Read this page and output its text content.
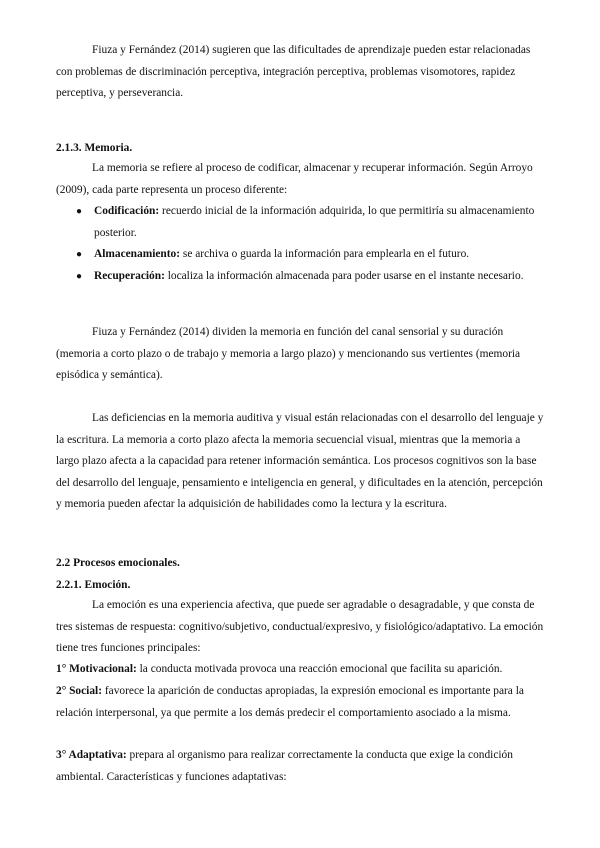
Fiuza y Fernández (2014) sugieren que las dificultades de aprendizaje pueden estar relacionadas con problemas de discriminación perceptiva, integración perceptiva, problemas visomotores, rapidez perceptiva, y perseverancia.

2.1.3. Memoria.

La memoria se refiere al proceso de codificar, almacenar y recuperar información. Según Arroyo (2009), cada parte representa un proceso diferente:

● Codificación: recuerdo inicial de la información adquirida, lo que permitiría su almacenamiento posterior.
● Almacenamiento: se archiva o guarda la información para emplearla en el futuro.
● Recuperación: localiza la información almacenada para poder usarse en el instante necesario.

Fiuza y Fernández (2014) dividen la memoria en función del canal sensorial y su duración (memoria a corto plazo o de trabajo y memoria a largo plazo) y mencionando sus vertientes (memoria episódica y semántica).

Las deficiencias en la memoria auditiva y visual están relacionadas con el desarrollo del lenguaje y la escritura. La memoria a corto plazo afecta la memoria secuencial visual, mientras que la memoria a largo plazo afecta a la capacidad para retener información semántica. Los procesos cognitivos son la base del desarrollo del lenguaje, pensamiento e inteligencia en general, y dificultades en la atención, percepción y memoria pueden afectar la adquisición de habilidades como la lectura y la escritura.

2.2 Procesos emocionales.

2.2.1. Emoción.

La emoción es una experiencia afectiva, que puede ser agradable o desagradable, y que consta de tres sistemas de respuesta: cognitivo/subjetivo, conductual/expresivo, y fisiológico/adaptativo. La emoción tiene tres funciones principales:

1° Motivacional: la conducta motivada provoca una reacción emocional que facilita su aparición.

2° Social: favorece la aparición de conductas apropiadas, la expresión emocional es importante para la relación interpersonal, ya que permite a los demás predecir el comportamiento asociado a la misma.

3° Adaptativa: prepara al organismo para realizar correctamente la conducta que exige la condición ambiental. Características y funciones adaptativas:
